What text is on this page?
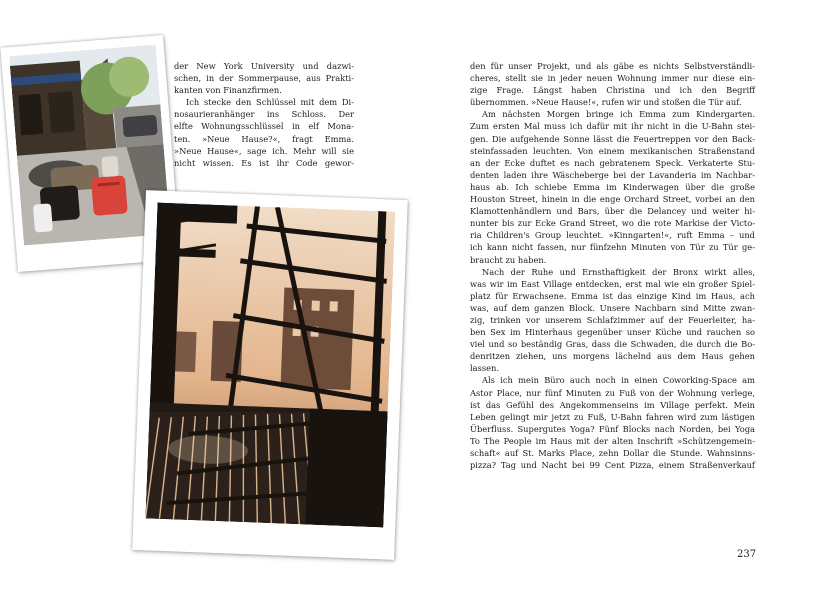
der New York University und dazwi-
schen, in der Sommerpause, aus Prakti-
kanten von Finanzfirmen.

Ich stecke den Schlüssel mit dem Di-
nosaurieranhänger ins Schloss. Der
elfte Wohnungsschlüssel in elf Mona-
ten. »Neue Hause?«, fragt Emma.
»Neue Hause«, sage ich. Mehr will sie
nicht wissen. Es ist ihr Code gewor-

den für unser Projekt, und als gäbe es nichts Selbstverständli-
cheres, stellt sie in jeder neuen Wohnung immer nur diese ein-
zige Frage. Längst haben Christina und ich den Begriff
übernommen. »Neue Hause!«, rufen wir und stoßen die Tür auf.

Am nächsten Morgen bringe ich Emma zum Kindergarten.
Zum ersten Mal muss ich dafür mit ihr nicht in die U-Bahn stei-
gen. Die aufgehende Sonne lässt die Feuertreppen vor den Back-
steinfassaden leuchten. Von einem mexikanischen Straßenstand
an der Ecke duftet es nach gebratenem Speck. Verkaterte Stu-
denten laden ihre Wäscheberge bei der Lavanderia im Nachbar-
haus ab. Ich schiebe Emma im Kinderwagen über die große
Houston Street, hinein in die enge Orchard Street, vorbei an den
Klamottenhändlern und Bars, über die Delancey und weiter hi-
nunter bis zur Ecke Grand Street, wo die rote Markise der Victo-
ria Children's Group leuchtet. »Kinngarten!«, ruft Emma – und
ich kann nicht fassen, nur fünfzehn Minuten von Tür zu Tür ge-
braucht zu haben.

Nach der Ruhe und Ernsthaftigkeit der Bronx wirkt alles,
was wir im East Village entdecken, erst mal wie ein großer Spiel-
platz für Erwachsene. Emma ist das einzige Kind im Haus, ach
was, auf dem ganzen Block. Unsere Nachbarn sind Mitte zwan-
zig, trinken vor unserem Schlafzimmer auf der Feuerleiter, ha-
ben Sex im Hinterhaus gegenüber unser Küche und rauchen so
viel und so beständig Gras, dass die Schwaden, die durch die Bo-
denritzen ziehen, uns morgens lächelnd aus dem Haus gehen
lassen.

Als ich mein Büro auch noch in einen Coworking-Space am
Astor Place, nur fünf Minuten zu Fuß von der Wohnung verlege,
ist das Gefühl des Angekommenseins im Village perfekt. Mein
Leben gelingt mir jetzt zu Fuß, U-Bahn fahren wird zum lästigen
Überfluss. Supergutes Yoga? Fünf Blocks nach Norden, bei Yoga
To The People im Haus mit der alten Inschrift »Schützengemein-
schaft« auf St. Marks Place, zehn Dollar die Stunde. Wahnsinns-
pizza? Tag und Nacht bei 99 Cent Pizza, einem Straßenverkauf

237
